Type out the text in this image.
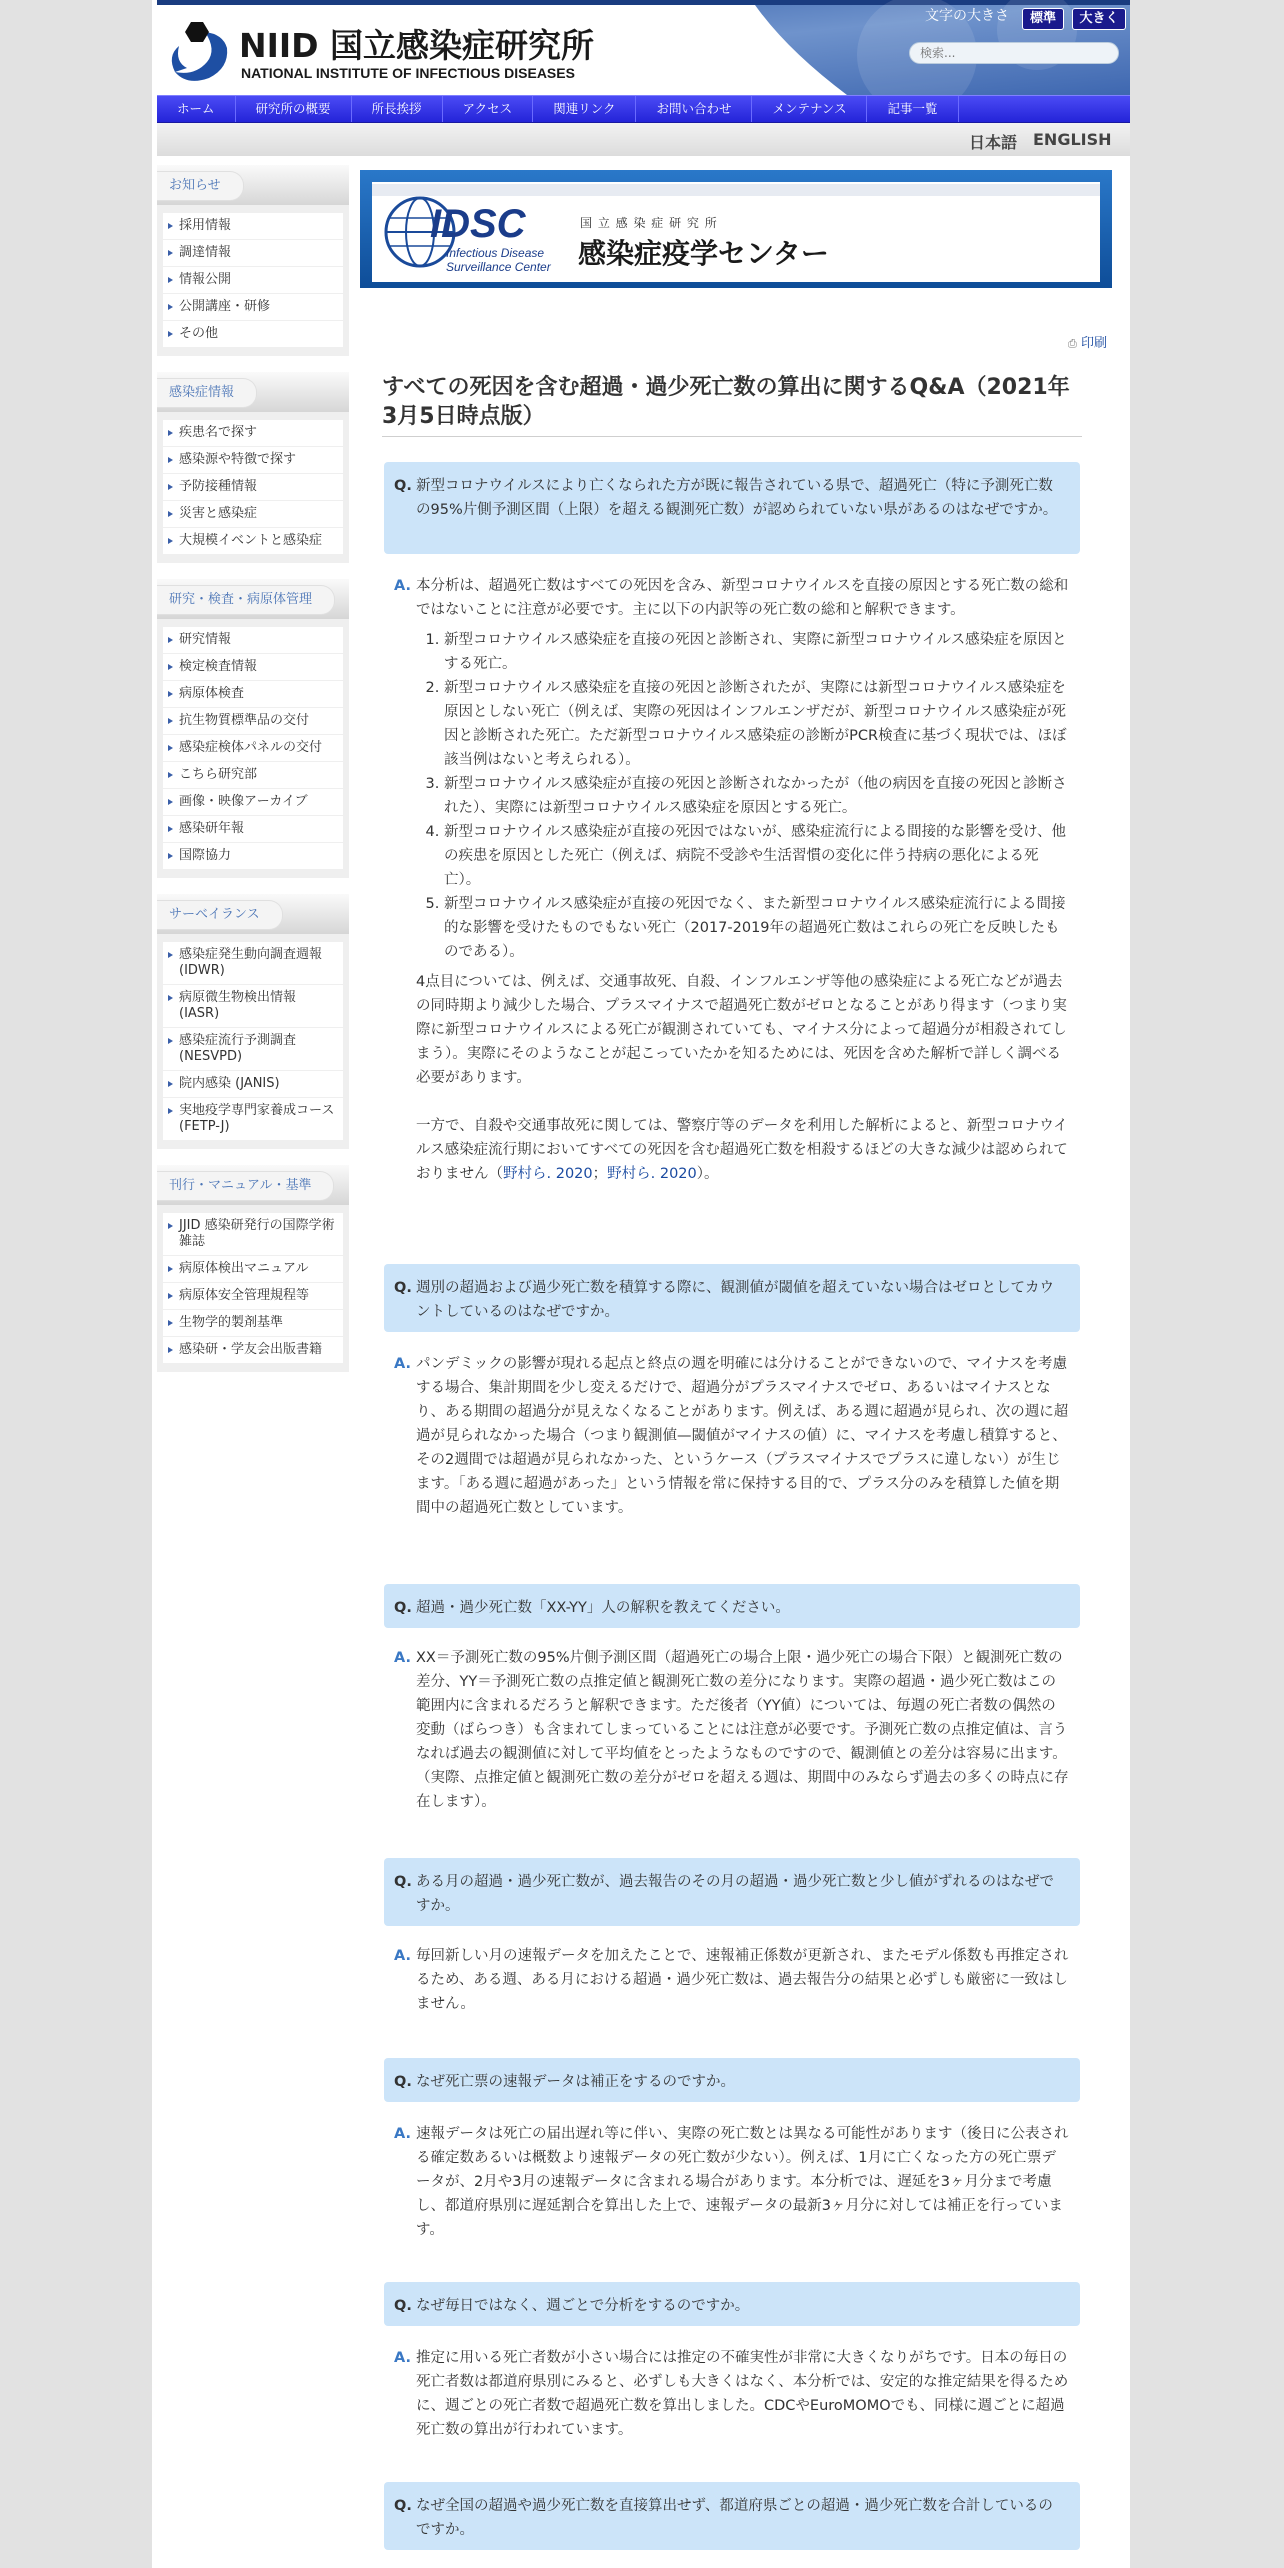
NIID 国立感染症研究所
NATIONAL INSTITUTE OF INFECTIOUS DISEASES
文字の大きさ	標準	大きく
検索...
ホーム	研究所の概要	所長挨拶	アクセス	関連リンク	お問い合わせ	メンテナンス	記事一覧
日本語 ENGLISH
お知らせ
採用情報
調達情報
情報公開
公開講座・研修
その他
感染症情報
疾患名で探す
感染源や特徴で探す
予防接種情報
災害と感染症
大規模イベントと感染症
研究・検査・病原体管理
研究情報
検定検査情報
病原体検査
抗生物質標準品の交付
感染症検体パネルの交付
こちら研究部
画像・映像アーカイブ
感染研年報
国際協力
サーベイランス
感染症発生動向調査週報 (IDWR)
病原微生物検出情報 (IASR)
感染症流行予測調査 (NESVPD)
院内感染 (JANIS)
実地疫学専門家養成コース (FETP-J)
刊行・マニュアル・基準
JJID 感染研発行の国際学術雑誌
病原体検出マニュアル
病原体安全管理規程等
生物学的製剤基準
感染研・学友会出版書籍
IDSC
Infectious Disease
Surveillance Center
国 立 感 染 症 研 究 所
感染症疫学センター
⎙ 印刷
すべての死因を含む超過・過少死亡数の算出に関するQ&A（2021年3月5日時点版）
Q. 新型コロナウイルスにより亡くなられた方が既に報告されている県で、超過死亡（特に予測死亡数の95%片側予測区間（上限）を超える観測死亡数）が認められていない県があるのはなぜですか。
A. 本分析は、超過死亡数はすべての死因を含み、新型コロナウイルスを直接の原因とする死亡数の総和ではないことに注意が必要です。主に以下の内訳等の死亡数の総和と解釈できます。

1. 新型コロナウイルス感染症を直接の死因と診断され、実際に新型コロナウイルス感染症を原因とする死亡。
2. 新型コロナウイルス感染症を直接の死因と診断されたが、実際には新型コロナウイルス感染症を原因としない死亡（例えば、実際の死因はインフルエンザだが、新型コロナウイルス感染症が死因と診断された死亡。ただ新型コロナウイルス感染症の診断がPCR検査に基づく現状では、ほぼ該当例はないと考えられる）。
3. 新型コロナウイルス感染症が直接の死因と診断されなかったが（他の病因を直接の死因と診断された）、実際には新型コロナウイルス感染症を原因とする死亡。
4. 新型コロナウイルス感染症が直接の死因ではないが、感染症流行による間接的な影響を受け、他の疾患を原因とした死亡（例えば、病院不受診や生活習慣の変化に伴う持病の悪化による死亡）。
5. 新型コロナウイルス感染症が直接の死因でなく、また新型コロナウイルス感染症流行による間接的な影響を受けたものでもない死亡（2017-2019年の超過死亡数はこれらの死亡を反映したものである）。

4点目については、例えば、交通事故死、自殺、インフルエンザ等他の感染症による死亡などが過去の同時期より減少した場合、プラスマイナスで超過死亡数がゼロとなることがあり得ます（つまり実際に新型コロナウイルスによる死亡が観測されていても、マイナス分によって超過分が相殺されてしまう）。実際にそのようなことが起こっていたかを知るためには、死因を含めた解析で詳しく調べる必要があります。

一方で、自殺や交通事故死に関しては、警察庁等のデータを利用した解析によると、新型コロナウイルス感染症流行期においてすべての死因を含む超過死亡数を相殺するほどの大きな減少は認められておりません（野村ら. 2020；野村ら. 2020）。

Q. 週別の超過および過少死亡数を積算する際に、観測値が閾値を超えていない場合はゼロとしてカウントしているのはなぜですか。
A. パンデミックの影響が現れる起点と終点の週を明確には分けることができないので、マイナスを考慮する場合、集計期間を少し変えるだけで、超過分がプラスマイナスでゼロ、あるいはマイナスとなり、ある期間の超過分が見えなくなることがあります。例えば、ある週に超過が見られ、次の週に超過が見られなかった場合（つまり観測値—閾値がマイナスの値）に、マイナスを考慮し積算すると、その2週間では超過が見られなかった、というケース（プラスマイナスでプラスに違しない）が生じます。「ある週に超過があった」という情報を常に保持する目的で、プラス分のみを積算した値を期間中の超過死亡数としています。

Q. 超過・過少死亡数「XX-YY」人の解釈を教えてください。
A. XX＝予測死亡数の95%片側予測区間（超過死亡の場合上限・過少死亡の場合下限）と観測死亡数の差分、YY＝予測死亡数の点推定値と観測死亡数の差分になります。実際の超過・過少死亡数はこの範囲内に含まれるだろうと解釈できます。ただ後者（YY値）については、毎週の死亡者数の偶然の変動（ばらつき）も含まれてしまっていることには注意が必要です。予測死亡数の点推定値は、言うなれば過去の観測値に対して平均値をとったようなものですので、観測値との差分は容易に出ます。（実際、点推定値と観測死亡数の差分がゼロを超える週は、期間中のみならず過去の多くの時点に存在します）。

Q. ある月の超過・過少死亡数が、過去報告のその月の超過・過少死亡数と少し値がずれるのはなぜですか。
A. 毎回新しい月の速報データを加えたことで、速報補正係数が更新され、またモデル係数も再推定されるため、ある週、ある月における超過・過少死亡数は、過去報告分の結果と必ずしも厳密に一致はしません。

Q. なぜ死亡票の速報データは補正をするのですか。
A. 速報データは死亡の届出遅れ等に伴い、実際の死亡数とは異なる可能性があります（後日に公表される確定数あるいは概数より速報データの死亡数が少ない）。例えば、1月に亡くなった方の死亡票データが、2月や3月の速報データに含まれる場合があります。本分析では、遅延を3ヶ月分まで考慮し、都道府県別に遅延割合を算出した上で、速報データの最新3ヶ月分に対しては補正を行っています。

Q. なぜ毎日ではなく、週ごとで分析をするのですか。
A. 推定に用いる死亡者数が小さい場合には推定の不確実性が非常に大きくなりがちです。日本の毎日の死亡者数は都道府県別にみると、必ずしも大きくはなく、本分析では、安定的な推定結果を得るために、週ごとの死亡者数で超過死亡数を算出しました。CDCやEuroMOMOでも、同様に週ごとに超過死亡数の算出が行われています。

Q. なぜ全国の超過や過少死亡数を直接算出せず、都道府県ごとの超過・過少死亡数を合計しているのですか。
